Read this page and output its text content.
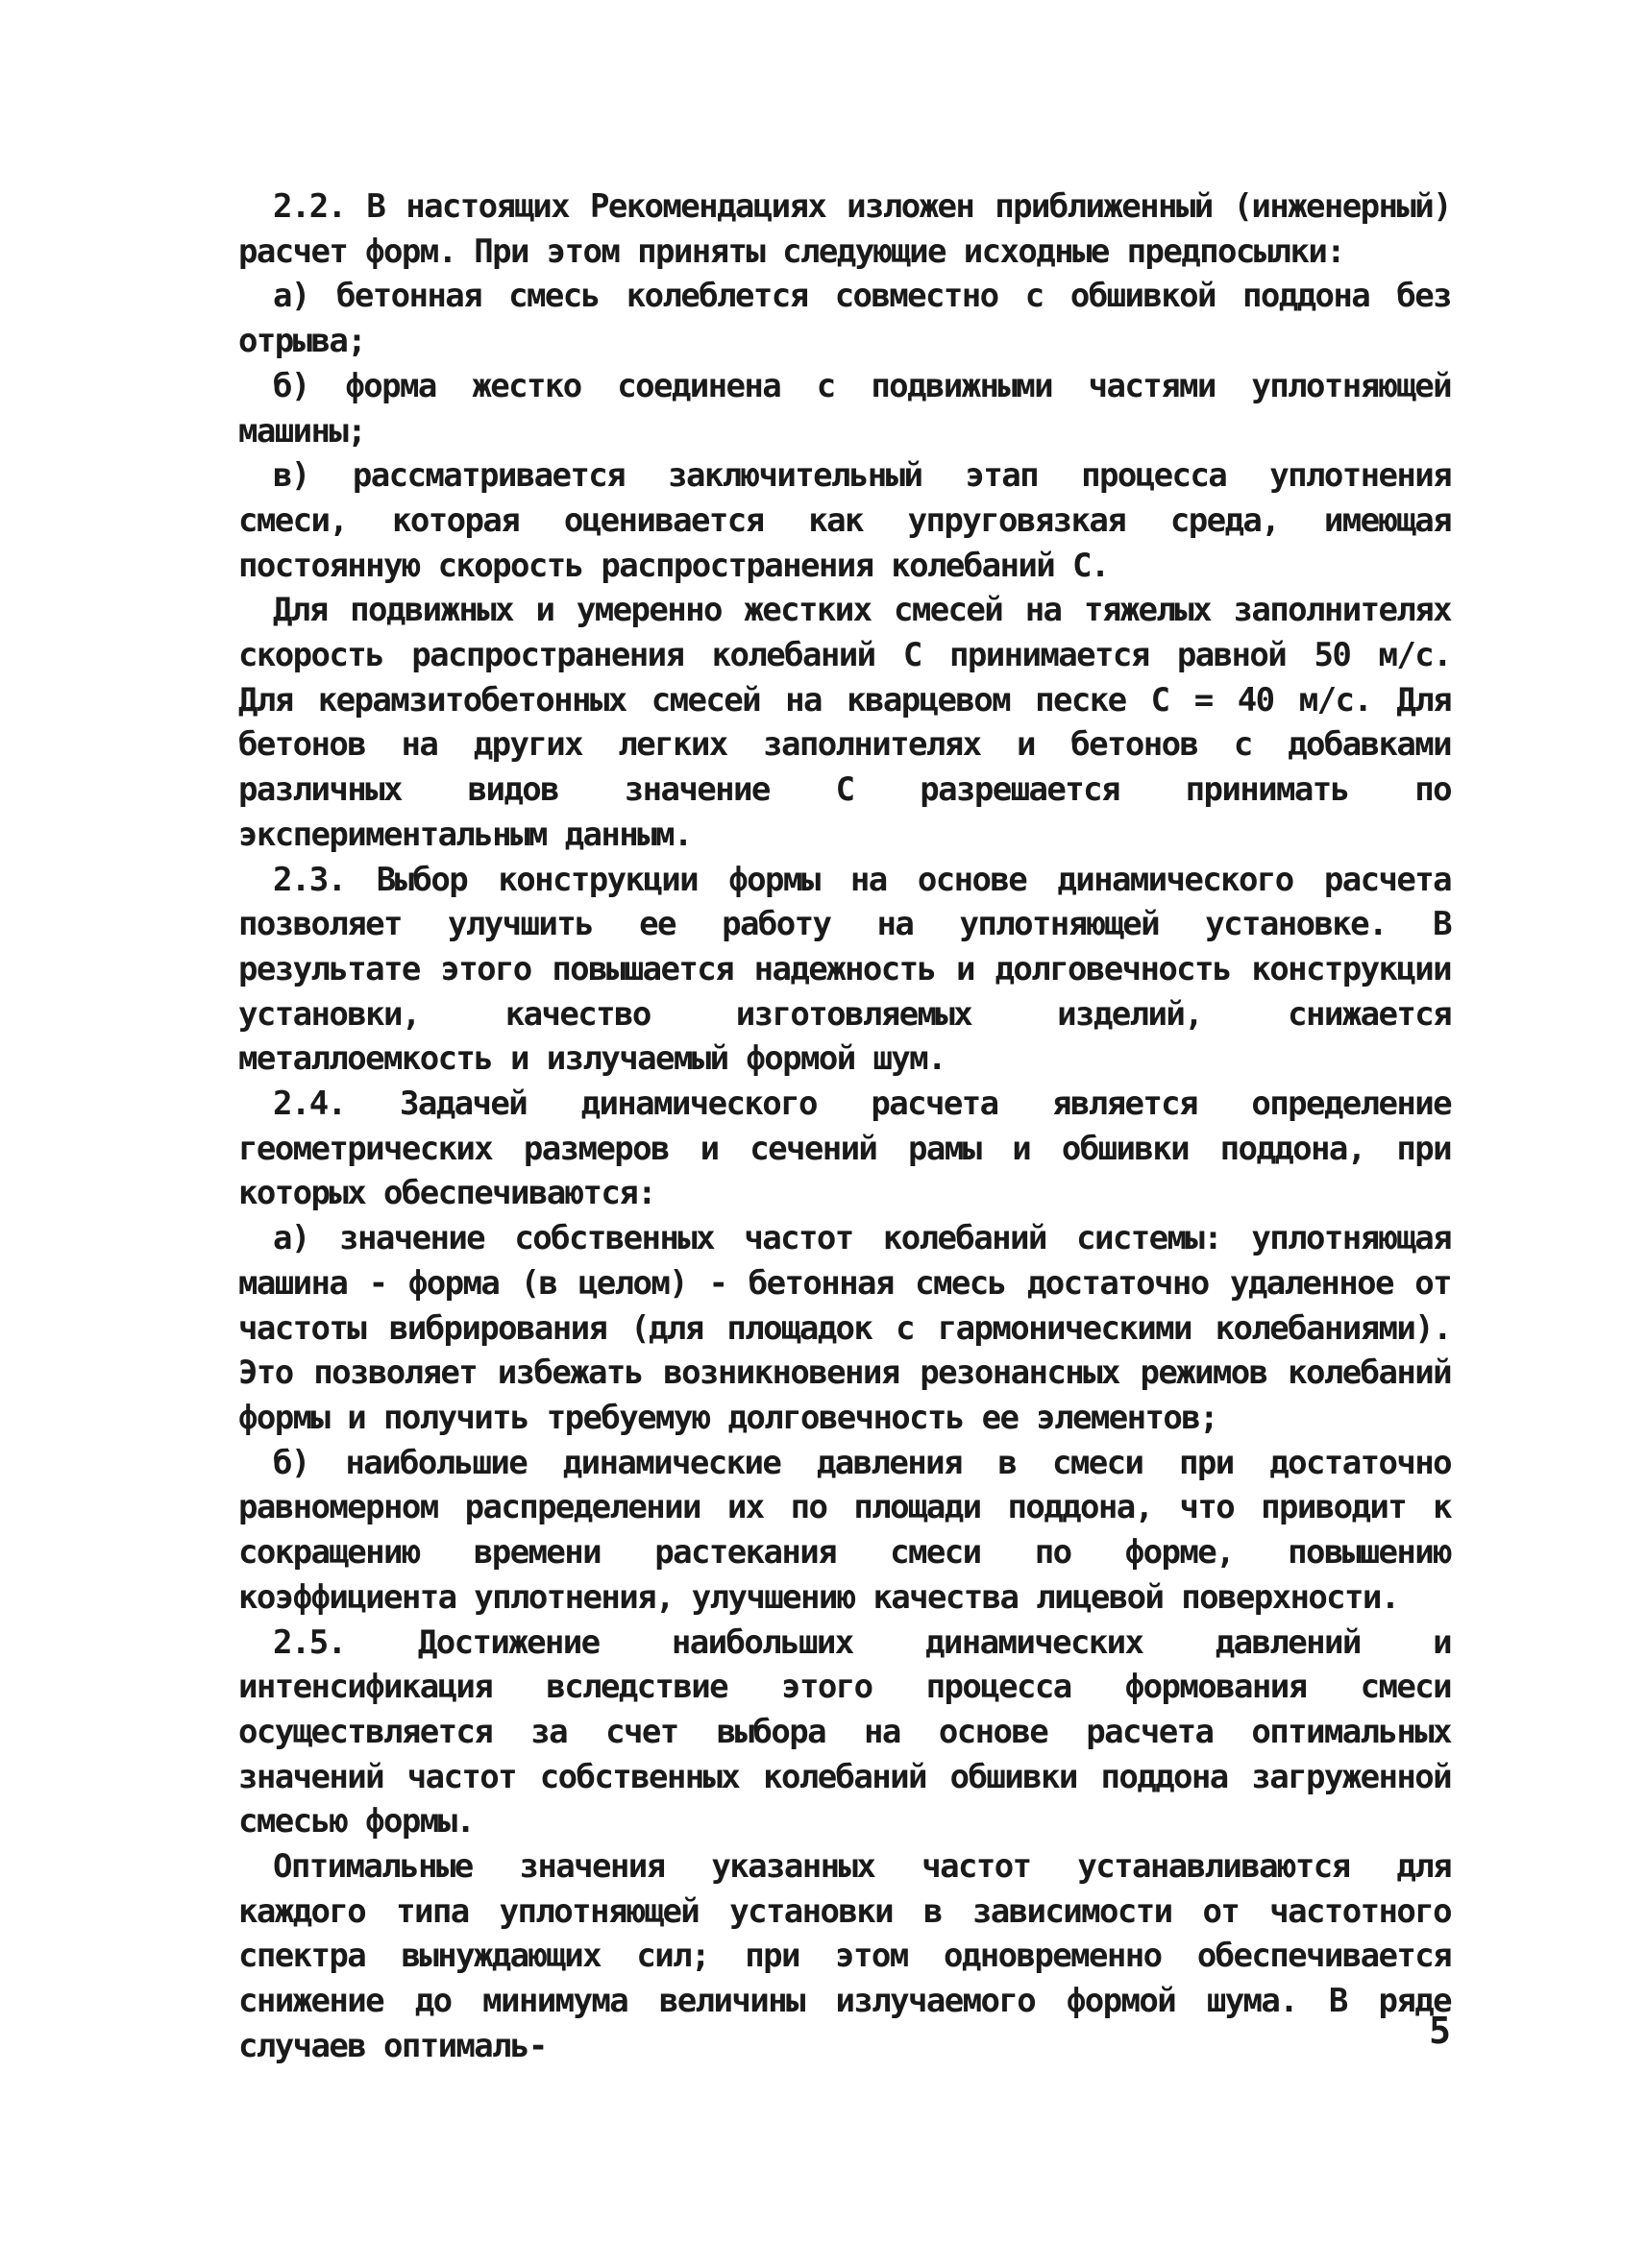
2.2. В настоящих Рекомендациях изложен приближенный (инженерный) расчет форм. При этом приняты следующие исходные предпосылки:

а) бетонная смесь колеблется совместно с обшивкой поддона без отрыва;

б) форма жестко соединена с подвижными частями уплотняющей машины;

в) рассматривается заключительный этап процесса уплотнения смеси, которая оценивается как упруговязкая среда, имеющая постоянную скорость распространения колебаний С.

Для подвижных и умеренно жестких смесей на тяжелых заполнителях скорость распространения колебаний С принимается равной 50 м/с. Для керамзитобетонных смесей на кварцевом песке С = 40 м/с. Для бетонов на других легких заполнителях и бетонов с добавками различных видов значение С разрешается принимать по экспериментальным данным.

2.3. Выбор конструкции формы на основе динамического расчета позволяет улучшить ее работу на уплотняющей установке. В результате этого повышается надежность и долговечность конструкции установки, качество изготовляемых изделий, снижается металлоемкость и излучаемый формой шум.

2.4. Задачей динамического расчета является определение геометрических размеров и сечений рамы и обшивки поддона, при которых обеспечиваются:

а) значение собственных частот колебаний системы: уплотняющая машина - форма (в целом) - бетонная смесь достаточно удаленное от частоты вибрирования (для площадок с гармоническими колебаниями). Это позволяет избежать возникновения резонансных режимов колебаний формы и получить требуемую долговечность ее элементов;

б) наибольшие динамические давления в смеси при достаточно равномерном распределении их по площади поддона, что приводит к сокращению времени растекания смеси по форме, повышению коэффициента уплотнения, улучшению качества лицевой поверхности.

2.5. Достижение наибольших динамических давлений и интенсификация вследствие этого процесса формования смеси осуществляется за счет выбора на основе расчета оптимальных значений частот собственных колебаний обшивки поддона загруженной смесью формы.

Оптимальные значения указанных частот устанавливаются для каждого типа уплотняющей установки в зависимости от частотного спектра вынуждающих сил; при этом одновременно обеспечивается снижение до минимума величины излучаемого формой шума. В ряде случаев оптималь-	5
